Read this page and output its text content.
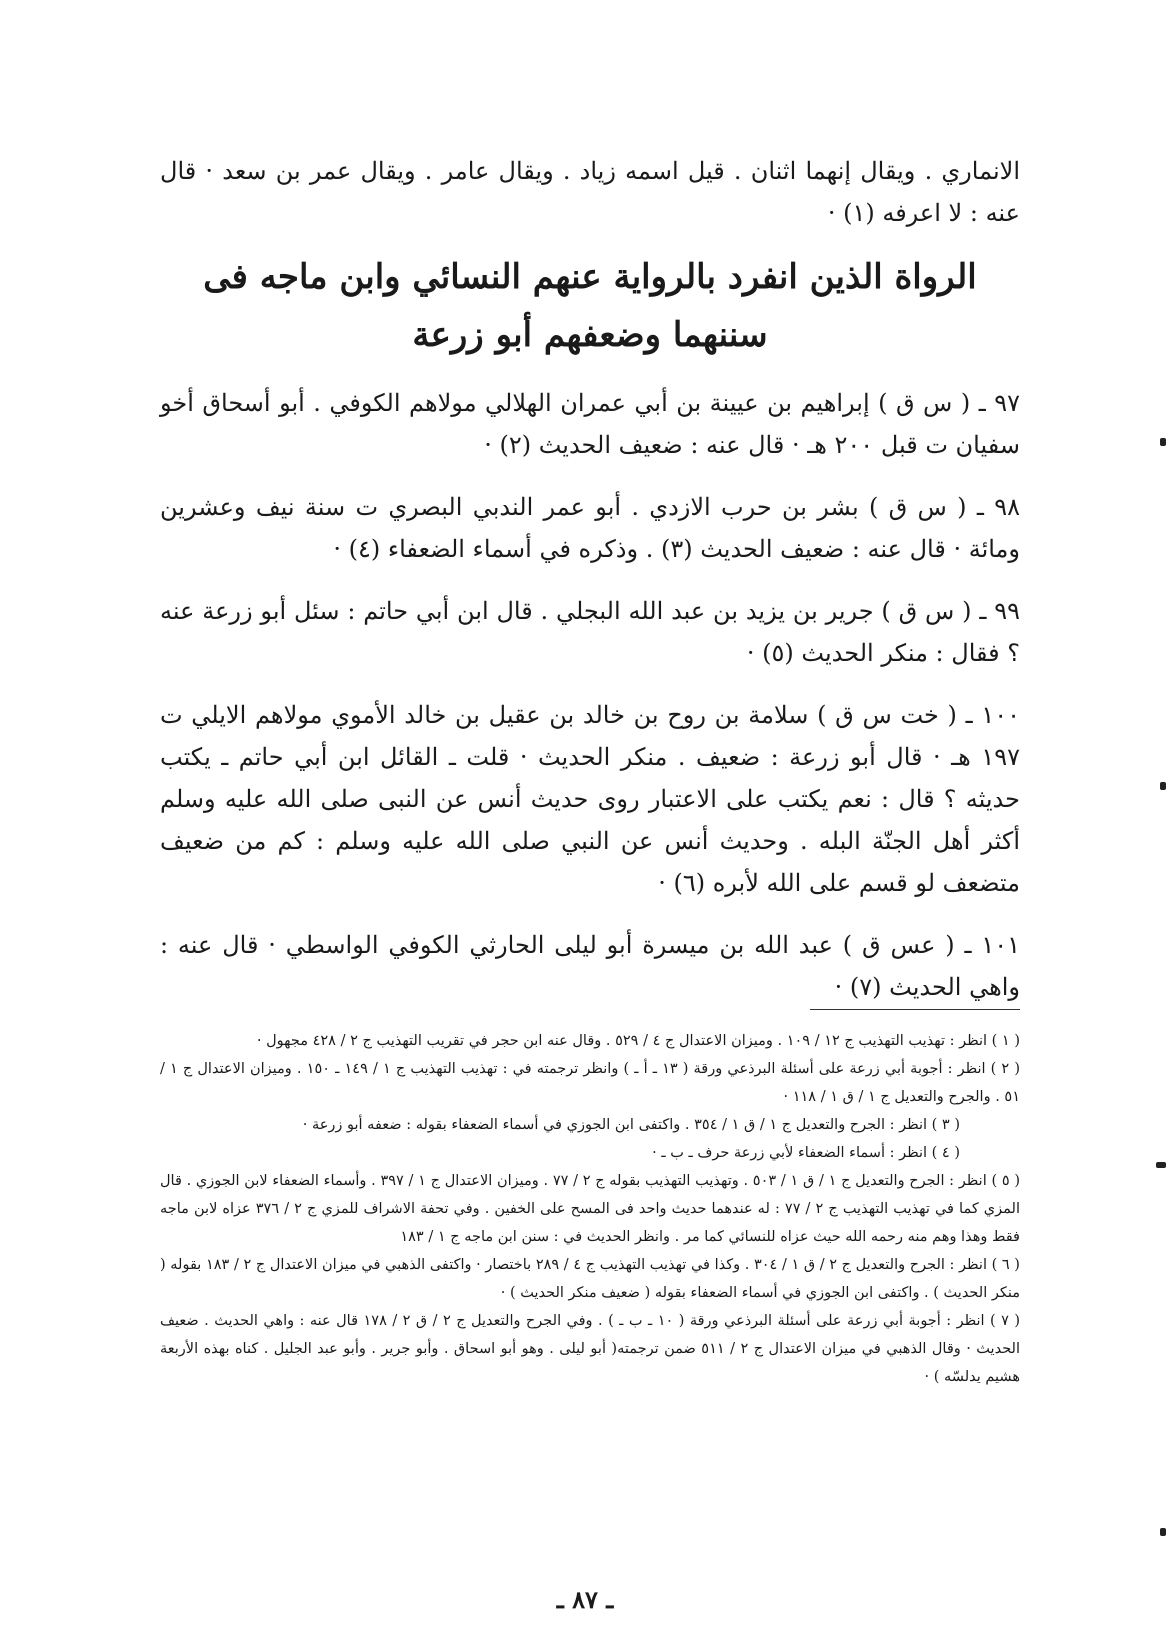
الانماري . ويقال إنهما اثنان . قيل اسمه زياد . ويقال عامر . ويقال عمر بن سعد · قال عنه : لا اعرفه (١) ·

الرواة الذين انفرد بالرواية عنهم النسائي وابن ماجه فى سننهما وضعفهم أبو زرعة

٩٧ ـ ( س ق ) إبراهيم بن عيينة بن أبي عمران الهلالي مولاهم الكوفي . أبو أسحاق أخو سفيان ت قبل ٢٠٠ هـ · قال عنه : ضعيف الحديث (٢) ·

٩٨ ـ ( س ق ) بشر بن حرب الازدي . أبو عمر الندبي البصري ت سنة نيف وعشرين ومائة · قال عنه : ضعيف الحديث (٣) . وذكره في أسماء الضعفاء (٤) ·

٩٩ ـ ( س ق ) جرير بن يزيد بن عبد الله البجلي . قال ابن أبي حاتم : سئل أبو زرعة عنه ؟ فقال : منكر الحديث (٥) ·

١٠٠ ـ ( خت س ق ) سلامة بن روح بن خالد بن عقيل بن خالد الأموي مولاهم الايلي ت ١٩٧ هـ · قال أبو زرعة : ضعيف . منكر الحديث · قلت ـ القائل ابن أبي حاتم ـ يكتب حديثه ؟ قال : نعم يكتب على الاعتبار روى حديث أنس عن النبى صلى الله عليه وسلم أكثر أهل الجنّة البله . وحديث أنس عن النبي صلى الله عليه وسلم : كم من ضعيف متضعف لو قسم على الله لأبره (٦) ·

١٠١ ـ ( عس ق ) عبد الله بن ميسرة أبو ليلى الحارثي الكوفي الواسطي · قال عنه : واهي الحديث (٧) ·

( ١ ) انظر : تهذيب التهذيب ج ١٢ / ١٠٩ . وميزان الاعتدال ج ٤ / ٥٢٩ . وقال عنه ابن حجر في تقريب التهذيب ج ٢ / ٤٢٨ مجهول ·

( ٢ ) انظر : أجوبة أبي زرعة على أسئلة البرذعي ورقة ( ١٣ ـ أ ـ ) وانظر ترجمته في : تهذيب التهذيب ج ١ / ١٤٩ ـ ١٥٠ . وميزان الاعتدال ج ١ / ٥١ . والجرح والتعديل ج ١ / ق ١ / ١١٨ ·

( ٣ ) انظر : الجرح والتعديل ج ١ / ق ١ / ٣٥٤ . واكتفى ابن الجوزي في أسماء الضعفاء بقوله : ضعفه أبو زرعة ·

( ٤ ) انظر : أسماء الضعفاء لأبي زرعة حرف ـ ب ـ ·

( ٥ ) انظر : الجرح والتعديل ج ١ / ق ١ / ٥٠٣ . وتهذيب التهذيب بقوله ج ٢ / ٧٧ . وميزان الاعتدال ج ١ / ٣٩٧ . وأسماء الضعفاء لابن الجوزي . قال المزي كما في تهذيب التهذيب ج ٢ / ٧٧ : له عندهما حديث واحد فى المسح على الخفين . وفي تحفة الاشراف للمزي ج ٢ / ٣٧٦ عزاه لابن ماجه فقط وهذا وهم منه رحمه الله حيث عزاه للنسائي كما مر . وانظر الحديث في : سنن ابن ماجه ج ١ / ١٨٣

( ٦ ) انظر : الجرح والتعديل ج ٢ / ق ١ / ٣٠٤ . وكذا في تهذيب التهذيب ج ٤ / ٢٨٩ باختصار · واكتفى الذهبي في ميزان الاعتدال ج ٢ / ١٨٣ بقوله ( منكر الحديث ) . واكتفى ابن الجوزي في أسماء الضعفاء بقوله ( ضعيف منكر الحديث ) ·

( ٧ ) انظر : أجوبة أبي زرعة على أسئلة البرذعي ورقة ( ١٠ ـ ب ـ ) . وفي الجرح والتعديل ج ٢ / ق ٢ / ١٧٨ قال عنه : واهي الحديث . ضعيف الحديث · وقال الذهبي في ميزان الاعتدال ج ٢ / ٥١١ ضمن ترجمته( أبو ليلى . وهو أبو اسحاق . وأبو جرير . وأبو عبد الجليل . كناه بهذه الأربعة هشيم يدلسّه ) ·

ـ ٨٧ ـ
